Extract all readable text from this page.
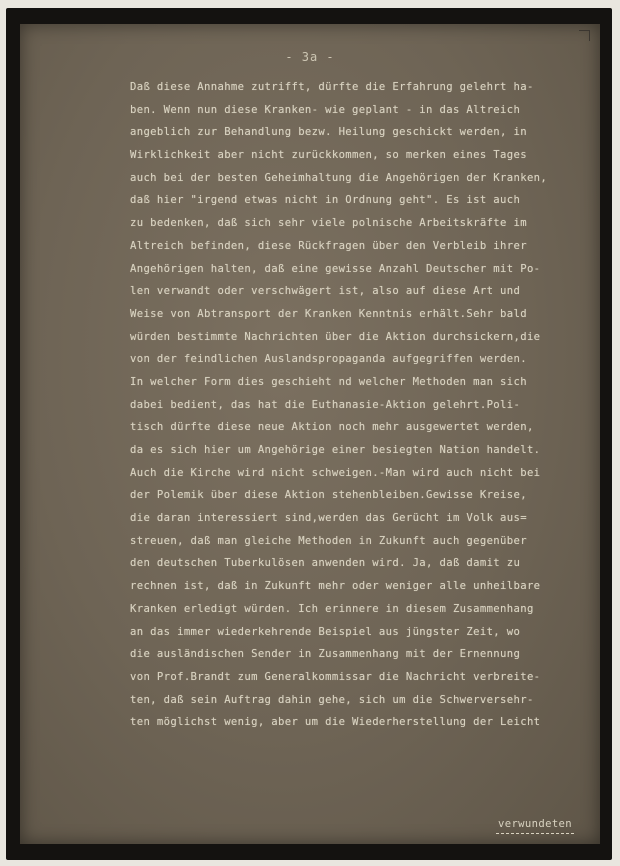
- 3a -
Daß diese Annahme zutrifft, dürfte die Erfahrung gelehrt ha-
ben. Wenn nun diese Kranken- wie geplant - in das Altreich
angeblich zur Behandlung bezw. Heilung geschickt werden, in
Wirklichkeit aber nicht zurückkommen, so merken eines Tages
auch bei der besten Geheimhaltung die Angehörigen der Kranken,
daß hier "irgend etwas nicht in Ordnung geht". Es ist auch
zu bedenken, daß sich sehr viele polnische Arbeitskräfte im
Altreich befinden, diese Rückfragen über den Verbleib ihrer
Angehörigen halten, daß eine gewisse Anzahl Deutscher mit Po-
len verwandt oder verschwägert ist, also auf diese Art und
Weise von Abtransport der Kranken Kenntnis erhält.Sehr bald
würden bestimmte Nachrichten über die Aktion durchsickern,die
von der feindlichen Auslandspropaganda aufgegriffen werden.
In welcher Form dies geschieht nd welcher Methoden man sich
dabei bedient, das hat die Euthanasie-Aktion gelehrt.Poli-
tisch dürfte diese neue Aktion noch mehr ausgewertet werden,
da es sich hier um Angehörige einer besiegten Nation handelt.
Auch die Kirche wird nicht schweigen.-Man wird auch nicht bei
der Polemik über diese Aktion stehenbleiben.Gewisse Kreise,
die daran interessiert sind,werden das Gerücht im Volk aus=
streuen, daß man gleiche Methoden in Zukunft auch gegenüber
den deutschen Tuberkulösen anwenden wird. Ja, daß damit zu
rechnen ist, daß in Zukunft mehr oder weniger alle unheilbare
Kranken erledigt würden. Ich erinnere in diesem Zusammenhang
an das immer wiederkehrende Beispiel aus jüngster Zeit, wo
die ausländischen Sender in Zusammenhang mit der Ernennung
von Prof.Brandt zum Generalkommissar die Nachricht verbreite-
ten, daß sein Auftrag dahin gehe, sich um die Schwerversehr-
ten möglichst wenig, aber um die Wiederherstellung der Leicht
verwundeten
